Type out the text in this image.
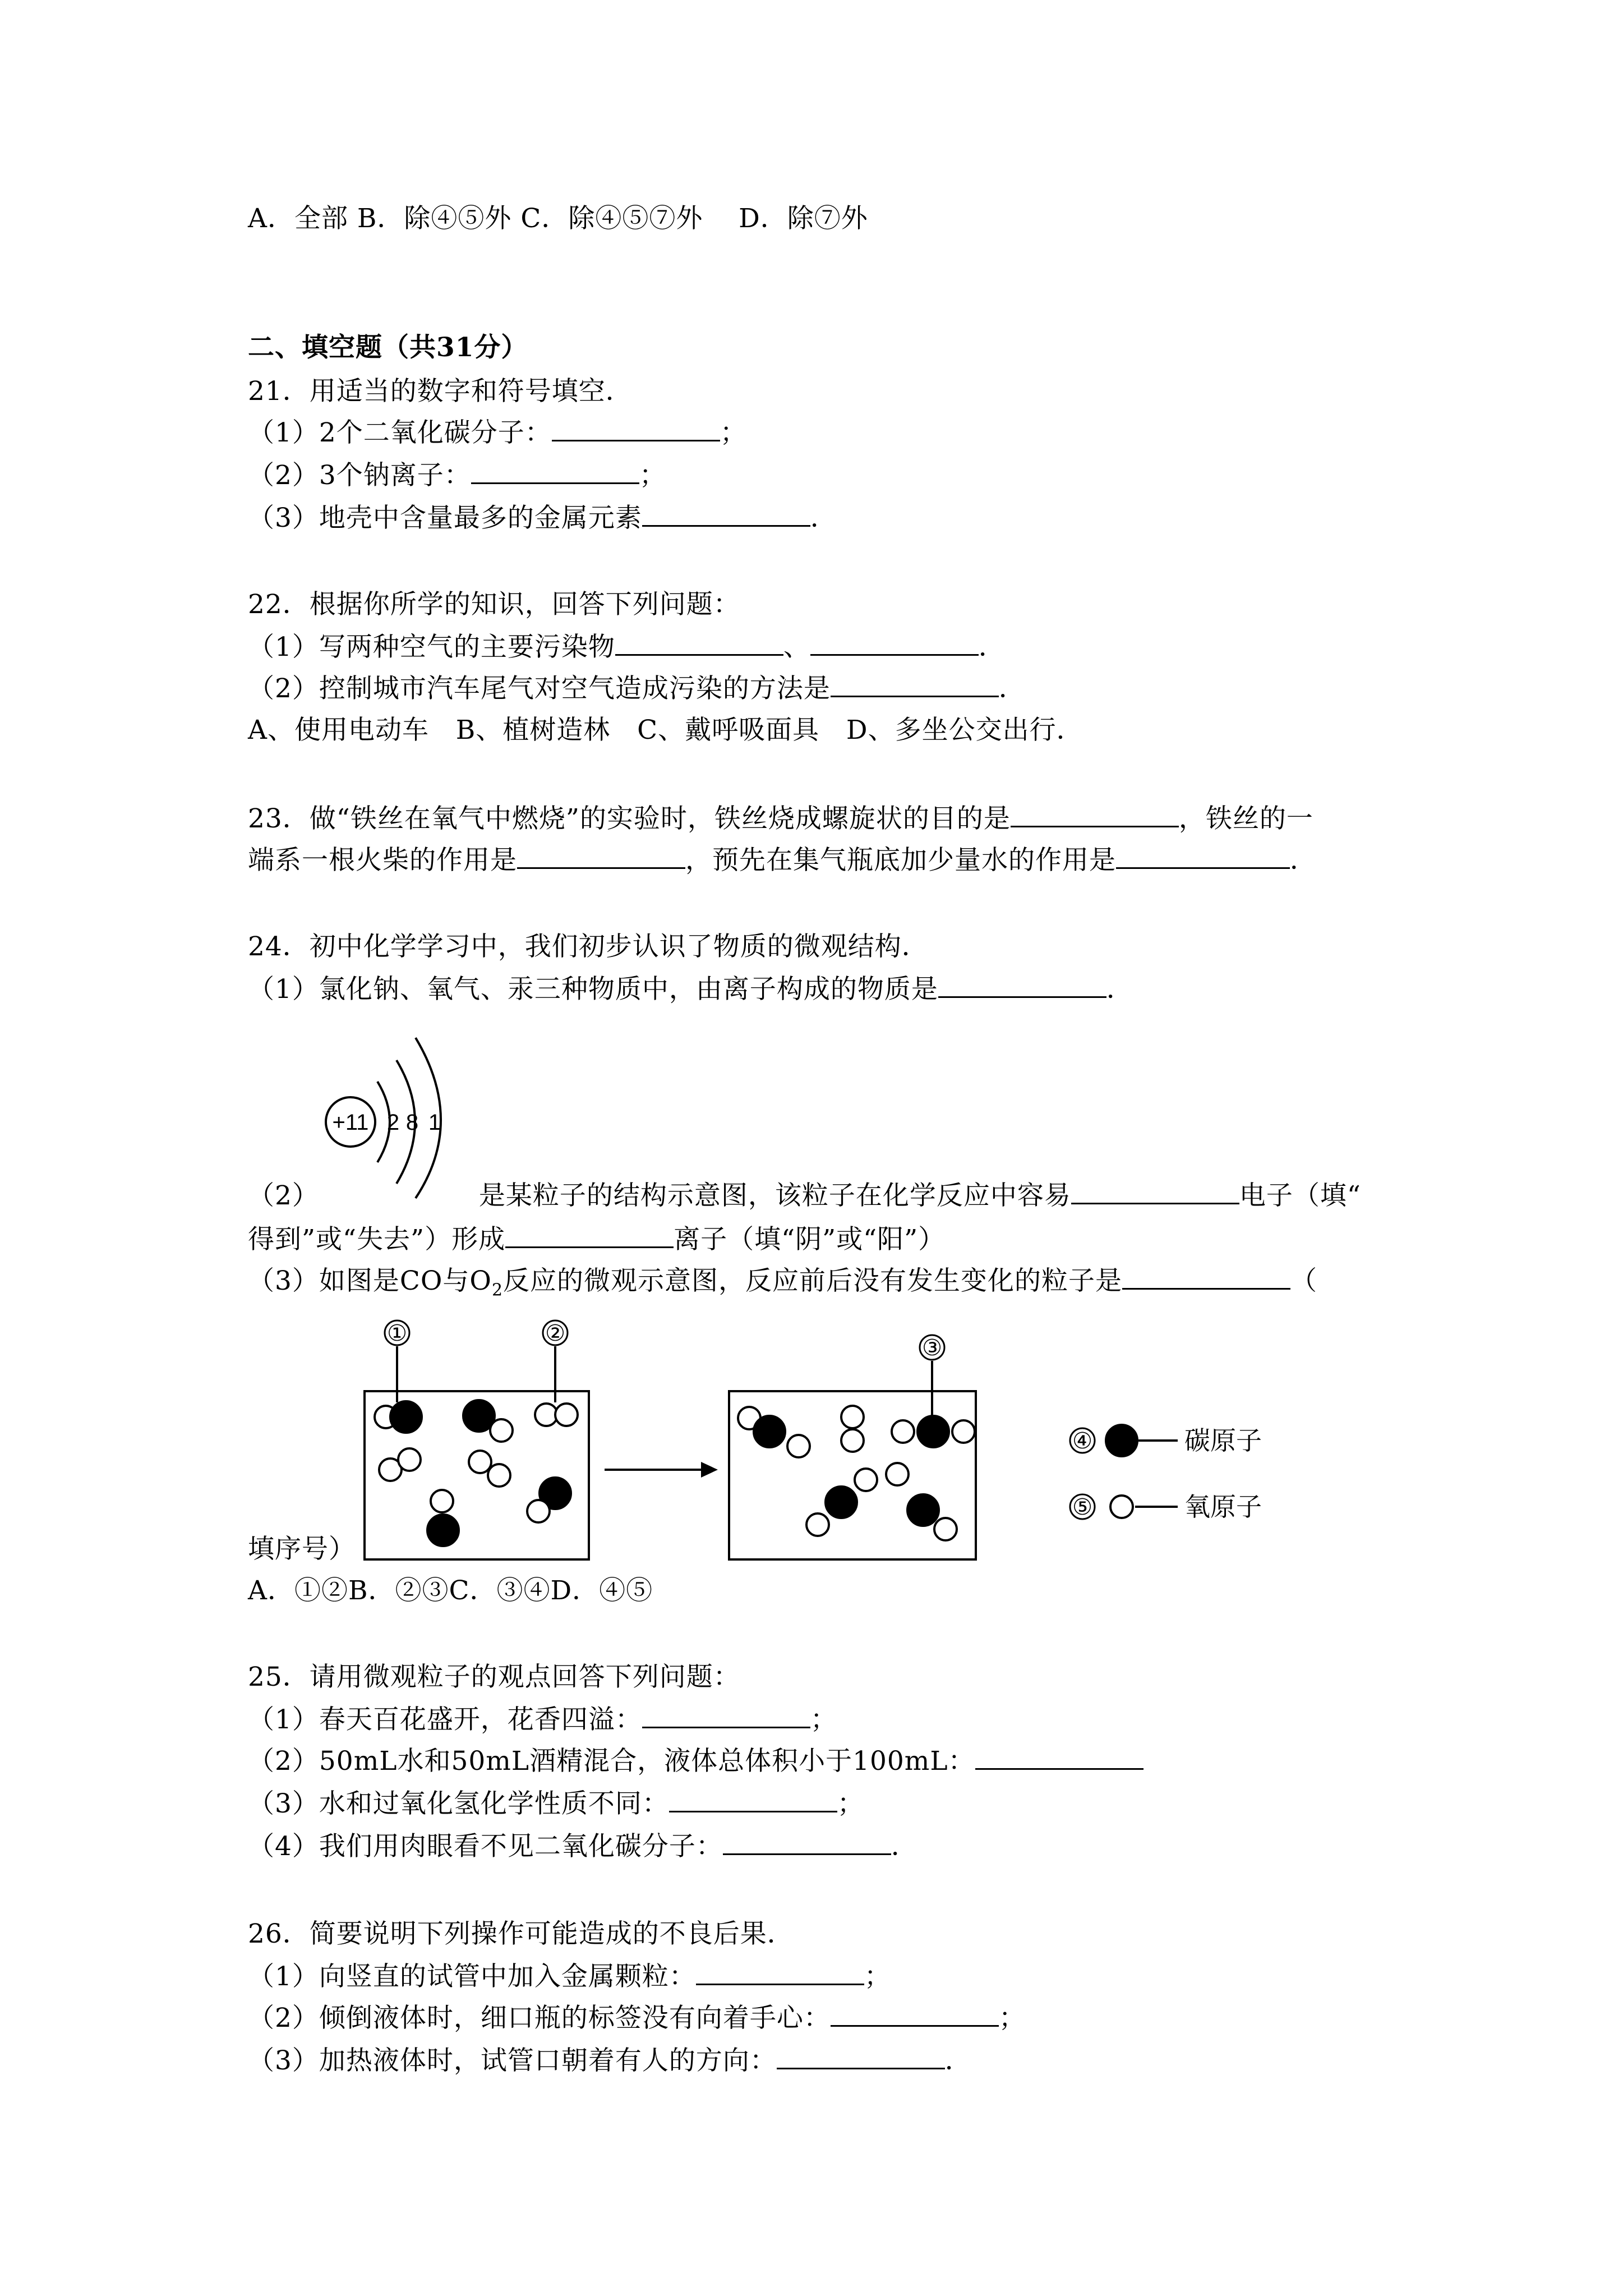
A．全部 B．除④⑤外 C．除④⑤⑦外    D．除⑦外
二、填空题（共31分）
21．用适当的数字和符号填空．
（1）2个二氧化碳分子：	；
（2）3个钠离子：	；
（3）地壳中含量最多的金属元素	．
22．根据你所学的知识，回答下列问题：
（1）写两种空气的主要污染物	、	．
（2）控制城市汽车尾气对空气造成污染的方法是	．
A、使用电动车   B、植树造林   C、戴呼吸面具   D、多坐公交出行．
23．做“铁丝在氧气中燃烧”的实验时，铁丝烧成螺旋状的目的是	，铁丝的一
端系一根火柴的作用是	，预先在集气瓶底加少量水的作用是	．
24．初中化学学习中，我们初步认识了物质的微观结构．
（1）氯化钠、氧气、汞三种物质中，由离子构成的物质是	．
+11 2 8 1
（2）	是某粒子的结构示意图，该粒子在化学反应中容易	电子（填“
得到”或“失去”）形成	离子（填“阴”或“阳”）
（3）如图是CO与$O_2$反应的微观示意图，反应前后没有发生变化的粒子是	（
①	②
③
④	碳原子
⑤	氧原子
填序号）
A．①②B．②③C．③④D．④⑤
25．请用微观粒子的观点回答下列问题：
（1）春天百花盛开，花香四溢：	；
（2）50mL水和50mL酒精混合，液体总体积小于100mL：
（3）水和过氧化氢化学性质不同：	；
（4）我们用肉眼看不见二氧化碳分子：	．
26．简要说明下列操作可能造成的不良后果．
（1）向竖直的试管中加入金属颗粒：	；
（2）倾倒液体时，细口瓶的标签没有向着手心：	；
（3）加热液体时，试管口朝着有人的方向：	．
